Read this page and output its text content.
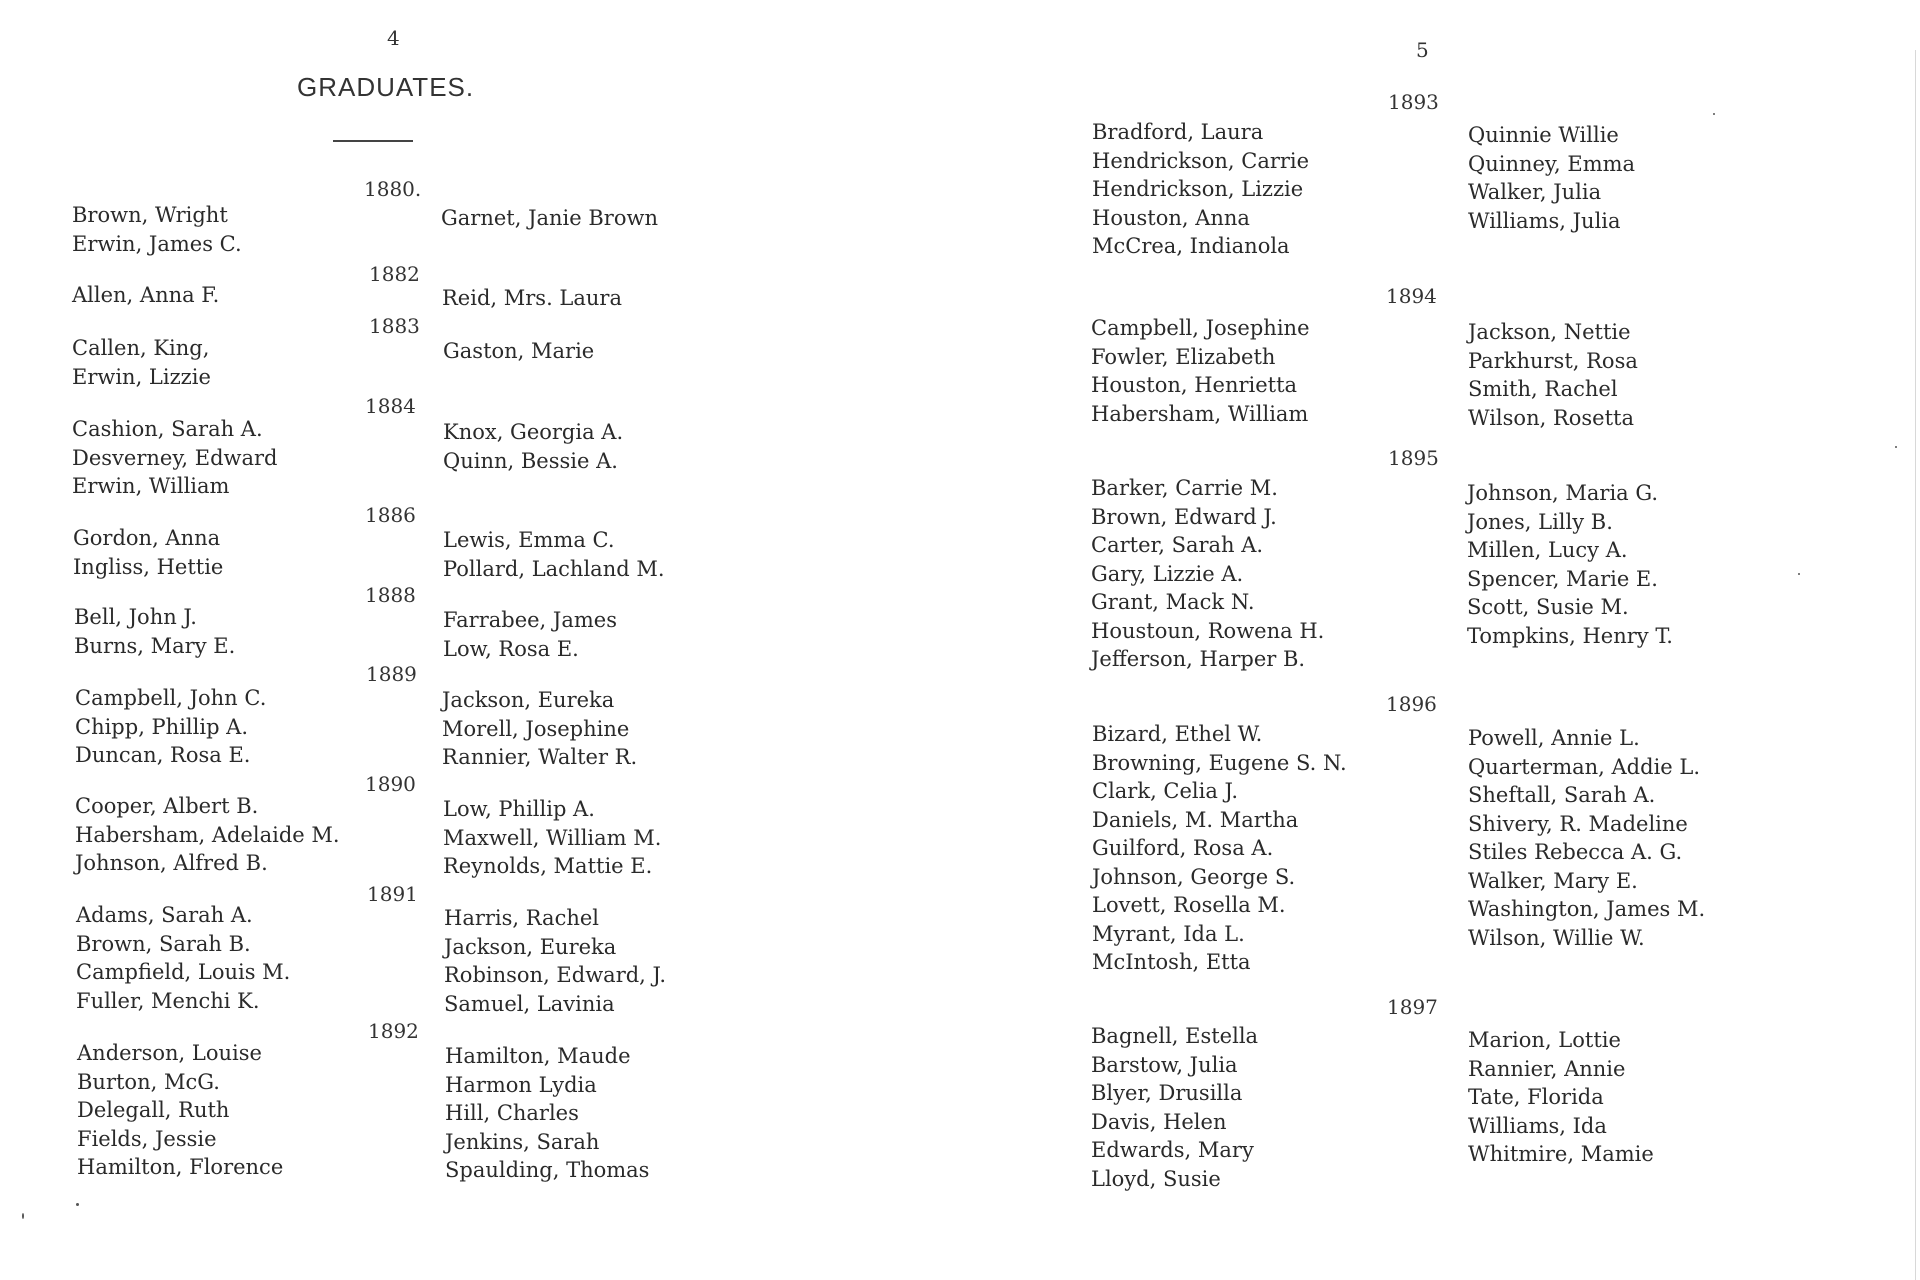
4
GRADUATES.
1880.
Brown, Wright
Erwin, James C.
Garnet, Janie Brown
1882
Allen, Anna F.	Reid, Mrs. Laura
1883
Callen, King,
Erwin, Lizzie
Gaston, Marie
1884
Cashion, Sarah A.
Desverney, Edward
Erwin, William
Knox, Georgia A.
Quinn, Bessie A.
1886
Gordon, Anna
Ingliss, Hettie
Lewis, Emma C.
Pollard, Lachland M.
1888
Bell, John J.
Burns, Mary E.
Farrabee, James
Low, Rosa E.
1889
Campbell, John C.
Chipp, Phillip A.
Duncan, Rosa E.
Jackson, Eureka
Morell, Josephine
Rannier, Walter R.
1890
Cooper, Albert B.
Habersham, Adelaide M.
Johnson, Alfred B.
Low, Phillip A.
Maxwell, William M.
Reynolds, Mattie E.
1891
Adams, Sarah A.
Brown, Sarah B.
Campfield, Louis M.
Fuller, Menchi K.
Harris, Rachel
Jackson, Eureka
Robinson, Edward, J.
Samuel, Lavinia
1892
Anderson, Louise
Burton, McG.
Delegall, Ruth
Fields, Jessie
Hamilton, Florence
Hamilton, Maude
Harmon Lydia
Hill, Charles
Jenkins, Sarah
Spaulding, Thomas
5
1893
Bradford, Laura
Hendrickson, Carrie
Hendrickson, Lizzie
Houston, Anna
McCrea, Indianola
Quinnie Willie
Quinney, Emma
Walker, Julia
Williams, Julia
1894
Campbell, Josephine
Fowler, Elizabeth
Houston, Henrietta
Habersham, William
Jackson, Nettie
Parkhurst, Rosa
Smith, Rachel
Wilson, Rosetta
1895
Barker, Carrie M.
Brown, Edward J.
Carter, Sarah A.
Gary, Lizzie A.
Grant, Mack N.
Houstoun, Rowena H.
Jefferson, Harper B.
Johnson, Maria G.
Jones, Lilly B.
Millen, Lucy A.
Spencer, Marie E.
Scott, Susie M.
Tompkins, Henry T.
1896
Bizard, Ethel W.
Browning, Eugene S. N.
Clark, Celia J.
Daniels, M. Martha
Guilford, Rosa A.
Johnson, George S.
Lovett, Rosella M.
Myrant, Ida L.
McIntosh, Etta
Powell, Annie L.
Quarterman, Addie L.
Sheftall, Sarah A.
Shivery, R. Madeline
Stiles Rebecca A. G.
Walker, Mary E.
Washington, James M.
Wilson, Willie W.
1897
Bagnell, Estella
Barstow, Julia
Blyer, Drusilla
Davis, Helen
Edwards, Mary
Lloyd, Susie
Marion, Lottie
Rannier, Annie
Tate, Florida
Williams, Ida
Whitmire, Mamie
